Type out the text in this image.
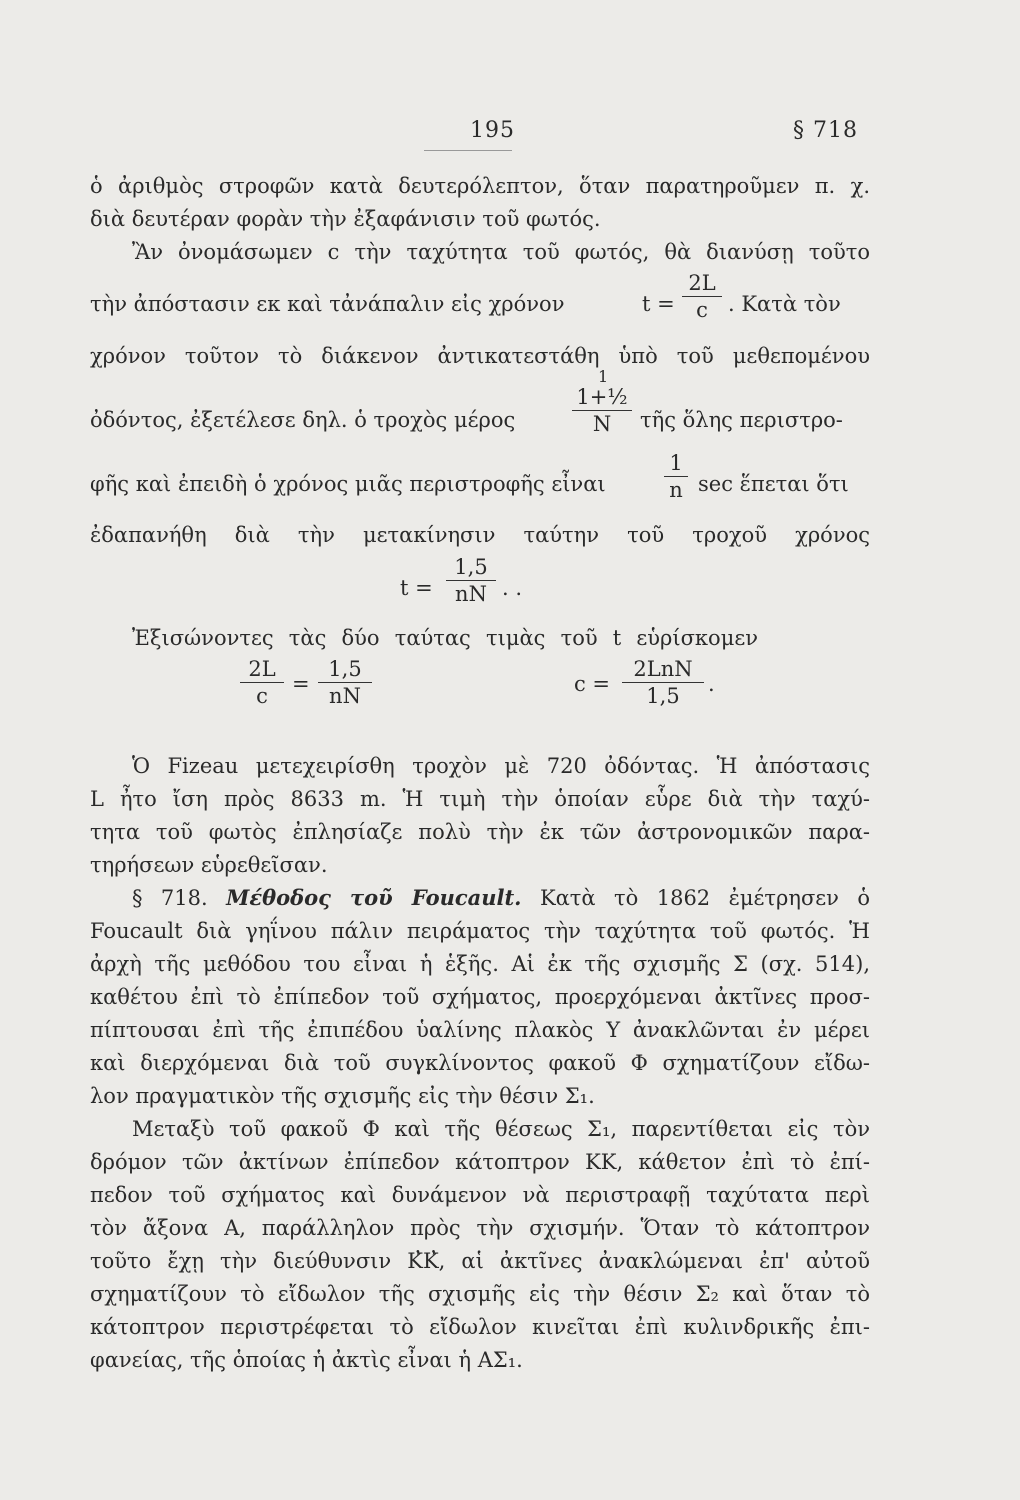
195	§ 718
ὁ ἀριθμὸς στροφῶν κατὰ δευτερόλεπτον, ὅταν παρατηροῦμεν π. χ.
διὰ δευτέραν φορὰν τὴν ἐξαφάνισιν τοῦ φωτός.
Ἂν ὀνομάσωμεν c τὴν ταχύτητα τοῦ φωτός, θὰ διανύσῃ τοῦτο
τὴν ἀπόστασιν εκ καὶ τἀνάπαλιν εἰς χρόνον	$t = \frac{2L}{c}$ . Κατὰ τὸν
χρόνον τοῦτον τὸ διάκενον ἀντικατεστάθη ὑπὸ τοῦ μεθεπομένου
ὀδόντος, ἐξετέλεσε δηλ. ὁ τροχὸς μέρος
1
$\frac{\text{1+½}}{N}$ τῆς ὅλης περιστρο-
φῆς καὶ ἐπειδὴ ὁ χρόνος μιᾶς περιστροφῆς εἶναι	$\frac{1}{n}$ sec ἕπεται ὅτι
ἐδαπανήθη διὰ τὴν μετακίνησιν ταύτην τοῦ τροχοῦ χρόνος
$t = \frac{1,5}{nN}$ . .
Ἐξισώνοντες τὰς δύο ταύτας τιμὰς τοῦ t εὑρίσκομεν
$\frac{2L}{c} = \frac{1,5}{nN}$	c =
2LnN
1,5	.
Ὁ Fizeau μετεχειρίσθη τροχὸν μὲ 720 ὀδόντας. Ἡ ἀπόστασις
L ἦτο ἴση πρὸς 8633 m. Ἡ τιμὴ τὴν ὁποίαν εὗρε διὰ τὴν ταχύ-
τητα τοῦ φωτὸς ἐπλησίαζε πολὺ τὴν ἐκ τῶν ἀστρονομικῶν παρα-
τηρήσεων εὑρεθεῖσαν.
§ 718. Μέθοδος τοῦ Foucault. Κατὰ τὸ 1862 ἐμέτρησεν ὁ
Foucault διὰ γηΐνου πάλιν πειράματος τὴν ταχύτητα τοῦ φωτός. Ἡ
ἀρχὴ τῆς μεθόδου του εἶναι ἡ ἑξῆς. Αἱ ἐκ τῆς σχισμῆς Σ (σχ. 514),
καθέτου ἐπὶ τὸ ἐπίπεδον τοῦ σχήματος, προερχόμεναι ἀκτῖνες προσ-
πίπτουσαι ἐπὶ τῆς ἐπιπέδου ὑαλίνης πλακὸς Υ ἀνακλῶνται ἐν μέρει
καὶ διερχόμεναι διὰ τοῦ συγκλίνοντος φακοῦ Φ σχηματίζουν εἴδω-
λον πραγματικὸν τῆς σχισμῆς εἰς τὴν θέσιν Σ₁.
Μεταξὺ τοῦ φακοῦ Φ καὶ τῆς θέσεως Σ₁, παρεντίθεται εἰς τὸν
δρόμον τῶν ἀκτίνων ἐπίπεδον κάτοπτρον ΚΚ, κάθετον ἐπὶ τὸ ἐπί-
πεδον τοῦ σχήματος καὶ δυνάμενον νὰ περιστραφῇ ταχύτατα περὶ
τὸν ἄξονα Α, παράλληλον πρὸς τὴν σχισμήν. Ὅταν τὸ κάτοπτρον
τοῦτο ἔχῃ τὴν διεύθυνσιν Κ̓Κ̓, αἱ ἀκτῖνες ἀνακλώμεναι ἐπ' αὐτοῦ
σχηματίζουν τὸ εἴδωλον τῆς σχισμῆς εἰς τὴν θέσιν Σ₂ καὶ ὅταν τὸ
κάτοπτρον περιστρέφεται τὸ εἴδωλον κινεῖται ἐπὶ κυλινδρικῆς ἐπι-
φανείας, τῆς ὁποίας ἡ ἀκτὶς εἶναι ἡ ΑΣ₁.
